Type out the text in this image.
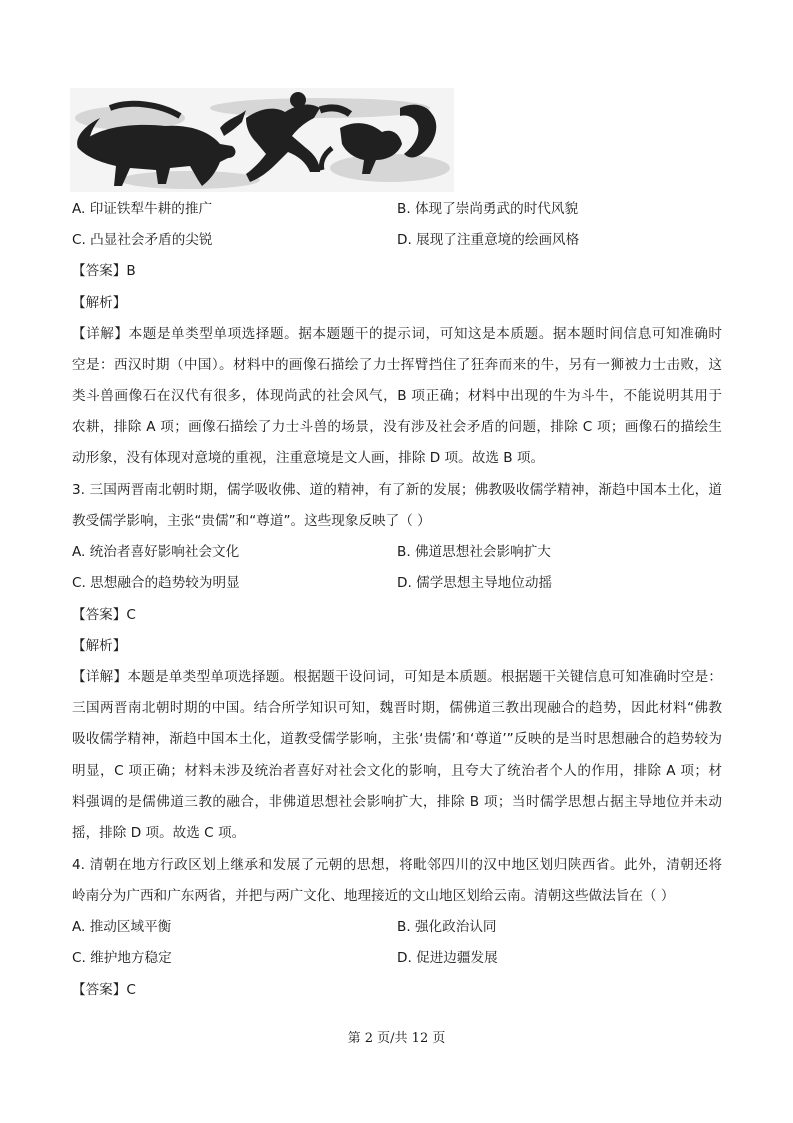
A. 印证铁犁牛耕的推广	B. 体现了崇尚勇武的时代风貌
C. 凸显社会矛盾的尖锐	D. 展现了注重意境的绘画风格
【答案】B
【解析】
【详解】本题是单类型单项选择题。据本题题干的提示词，可知这是本质题。据本题时间信息可知准确时
空是：西汉时期（中国）。材料中的画像石描绘了力士挥臂挡住了狂奔而来的牛，另有一狮被力士击败，这
类斗兽画像石在汉代有很多，体现尚武的社会风气，B 项正确；材料中出现的牛为斗牛，不能说明其用于
农耕，排除 A 项；画像石描绘了力士斗兽的场景，没有涉及社会矛盾的问题，排除 C 项；画像石的描绘生
动形象，没有体现对意境的重视，注重意境是文人画，排除 D 项。故选 B 项。
3. 三国两晋南北朝时期，儒学吸收佛、道的精神，有了新的发展；佛教吸收儒学精神，渐趋中国本土化，道
教受儒学影响，主张“贵儒”和“尊道”。这些现象反映了（ ）
A. 统治者喜好影响社会文化	B. 佛道思想社会影响扩大
C. 思想融合的趋势较为明显	D. 儒学思想主导地位动摇
【答案】C
【解析】
【详解】本题是单类型单项选择题。根据题干设问词，可知是本质题。根据题干关键信息可知准确时空是：
三国两晋南北朝时期的中国。结合所学知识可知，魏晋时期，儒佛道三教出现融合的趋势，因此材料“佛教
吸收儒学精神，渐趋中国本土化，道教受儒学影响，主张‘贵儒’和‘尊道’”反映的是当时思想融合的趋势较为
明显，C 项正确；材料未涉及统治者喜好对社会文化的影响，且夸大了统治者个人的作用，排除 A 项；材
料强调的是儒佛道三教的融合，非佛道思想社会影响扩大，排除 B 项；当时儒学思想占据主导地位并未动
摇，排除 D 项。故选 C 项。
4. 清朝在地方行政区划上继承和发展了元朝的思想，将毗邻四川的汉中地区划归陕西省。此外，清朝还将
岭南分为广西和广东两省，并把与两广文化、地理接近的文山地区划给云南。清朝这些做法旨在（ ）
A. 推动区域平衡	B. 强化政治认同
C. 维护地方稳定	D. 促进边疆发展
【答案】C
第 2 页/共 12 页
